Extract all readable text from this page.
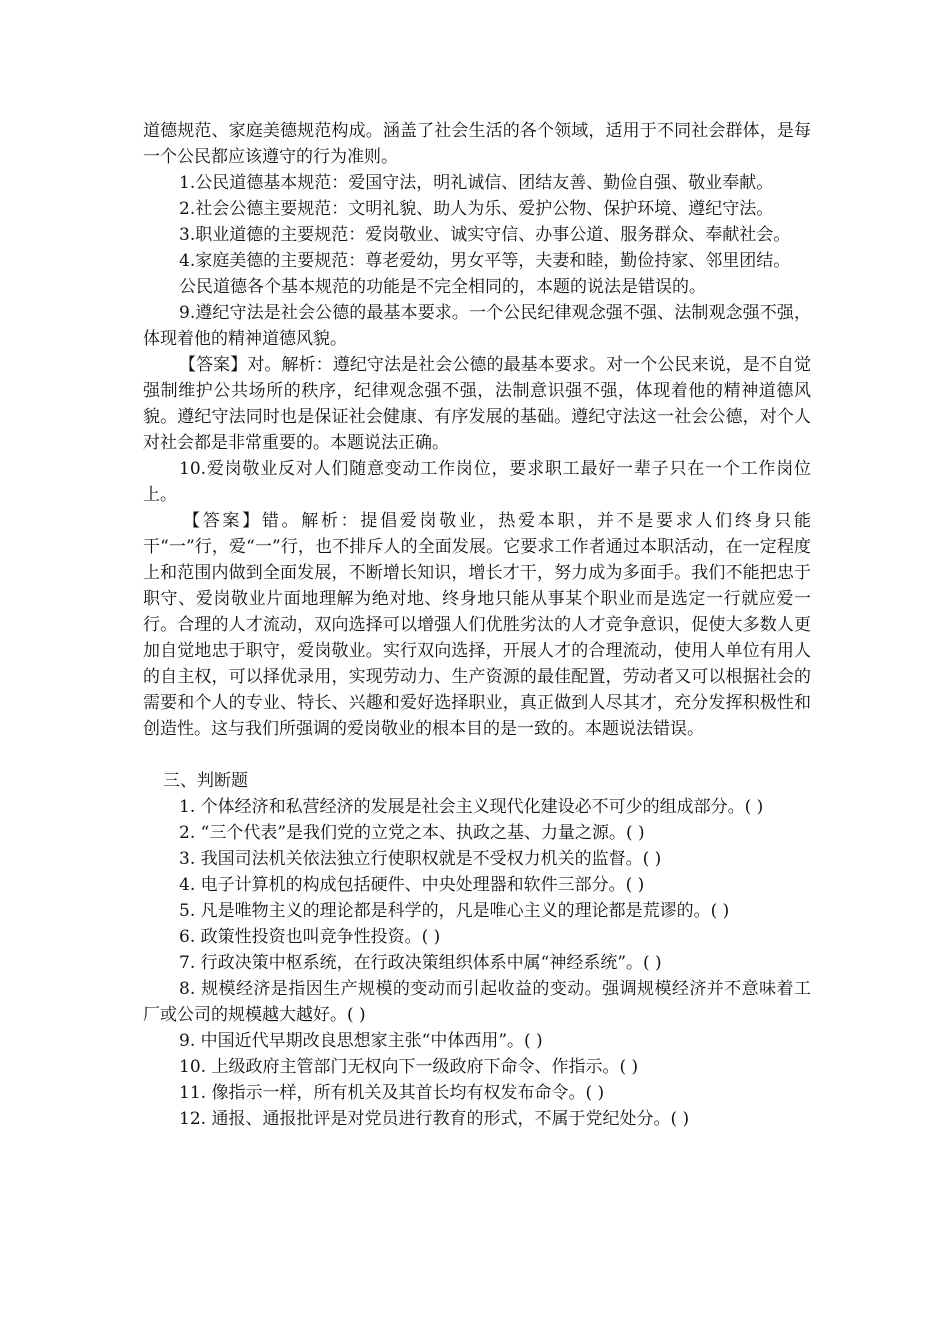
道德规范、家庭美德规范构成。涵盖了社会生活的各个领域，适用于不同社会群体，是每一个公民都应该遵守的行为准则。

1.公民道德基本规范：爱国守法，明礼诚信、团结友善、勤俭自强、敬业奉献。

2.社会公德主要规范：文明礼貌、助人为乐、爱护公物、保护环境、遵纪守法。

3.职业道德的主要规范：爱岗敬业、诚实守信、办事公道、服务群众、奉献社会。

4.家庭美德的主要规范：尊老爱幼，男女平等，夫妻和睦，勤俭持家、邻里团结。

公民道德各个基本规范的功能是不完全相同的，本题的说法是错误的。

9.遵纪守法是社会公德的最基本要求。一个公民纪律观念强不强、法制观念强不强，体现着他的精神道德风貌。

【答案】对。解析：遵纪守法是社会公德的最基本要求。对一个公民来说，是不自觉强制维护公共场所的秩序，纪律观念强不强，法制意识强不强，体现着他的精神道德风貌。遵纪守法同时也是保证社会健康、有序发展的基础。遵纪守法这一社会公德，对个人对社会都是非常重要的。本题说法正确。

10.爱岗敬业反对人们随意变动工作岗位，要求职工最好一辈子只在一个工作岗位上。

【答案】错。解析：提倡爱岗敬业，热爱本职，并不是要求人们终身只能干“一”行，爱“一”行，也不排斥人的全面发展。它要求工作者通过本职活动，在一定程度上和范围内做到全面发展，不断增长知识，增长才干，努力成为多面手。我们不能把忠于职守、爱岗敬业片面地理解为绝对地、终身地只能从事某个职业而是选定一行就应爱一行。合理的人才流动，双向选择可以增强人们优胜劣汰的人才竞争意识，促使大多数人更加自觉地忠于职守，爱岗敬业。实行双向选择，开展人才的合理流动，使用人单位有用人的自主权，可以择优录用，实现劳动力、生产资源的最佳配置，劳动者又可以根据社会的需要和个人的专业、特长、兴趣和爱好选择职业，真正做到人尽其才，充分发挥积极性和创造性。这与我们所强调的爱岗敬业的根本目的是一致的。本题说法错误。

三、判断题

1. 个体经济和私营经济的发展是社会主义现代化建设必不可少的组成部分。( )

2. “三个代表”是我们党的立党之本、执政之基、力量之源。( )

3. 我国司法机关依法独立行使职权就是不受权力机关的监督。( )

4. 电子计算机的构成包括硬件、中央处理器和软件三部分。( )

5. 凡是唯物主义的理论都是科学的，凡是唯心主义的理论都是荒谬的。( )

6. 政策性投资也叫竞争性投资。( )

7. 行政决策中枢系统，在行政决策组织体系中属“神经系统”。( )

8. 规模经济是指因生产规模的变动而引起收益的变动。强调规模经济并不意味着工厂或公司的规模越大越好。( )

9. 中国近代早期改良思想家主张“中体西用”。( )

10. 上级政府主管部门无权向下一级政府下命令、作指示。( )

11. 像指示一样，所有机关及其首长均有权发布命令。( )

12. 通报、通报批评是对党员进行教育的形式，不属于党纪处分。( )
